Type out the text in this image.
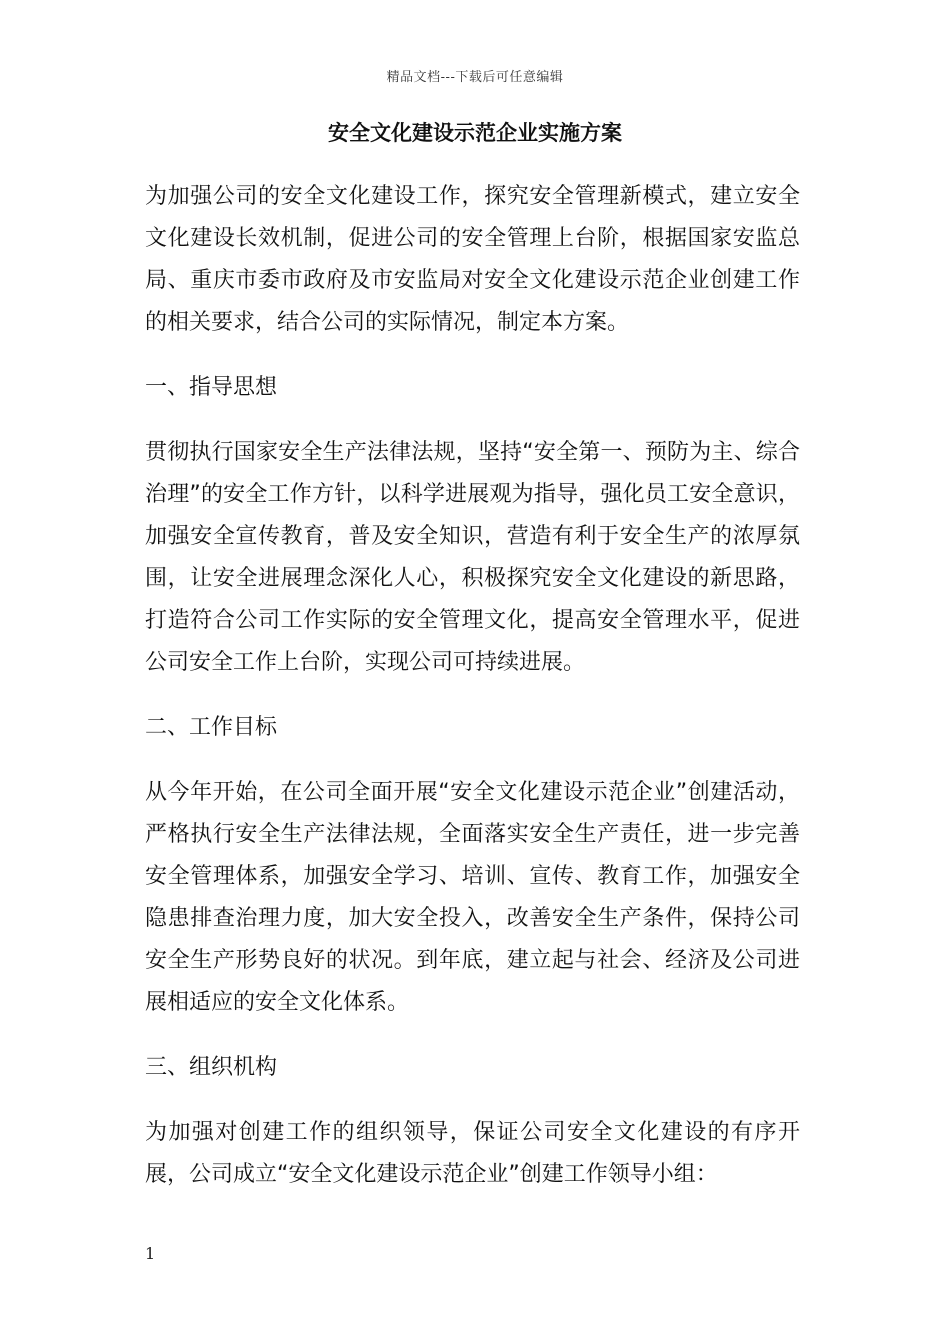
精品文档---下载后可任意编辑
安全文化建设示范企业实施方案

为加强公司的安全文化建设工作，探究安全管理新模式，建立安全文化建设长效机制，促进公司的安全管理上台阶，根据国家安监总局、重庆市委市政府及市安监局对安全文化建设示范企业创建工作的相关要求，结合公司的实际情况，制定本方案。

一、指导思想

贯彻执行国家安全生产法律法规，坚持“安全第一、预防为主、综合治理”的安全工作方针，以科学进展观为指导，强化员工安全意识，加强安全宣传教育，普及安全知识，营造有利于安全生产的浓厚氛围，让安全进展理念深化人心，积极探究安全文化建设的新思路，打造符合公司工作实际的安全管理文化，提高安全管理水平，促进公司安全工作上台阶，实现公司可持续进展。

二、工作目标

从今年开始，在公司全面开展“安全文化建设示范企业”创建活动，严格执行安全生产法律法规，全面落实安全生产责任，进一步完善安全管理体系，加强安全学习、培训、宣传、教育工作，加强安全隐患排查治理力度，加大安全投入，改善安全生产条件，保持公司安全生产形势良好的状况。到年底，建立起与社会、经济及公司进展相适应的安全文化体系。

三、组织机构

为加强对创建工作的组织领导，保证公司安全文化建设的有序开展，公司成立“安全文化建设示范企业”创建工作领导小组：

1
